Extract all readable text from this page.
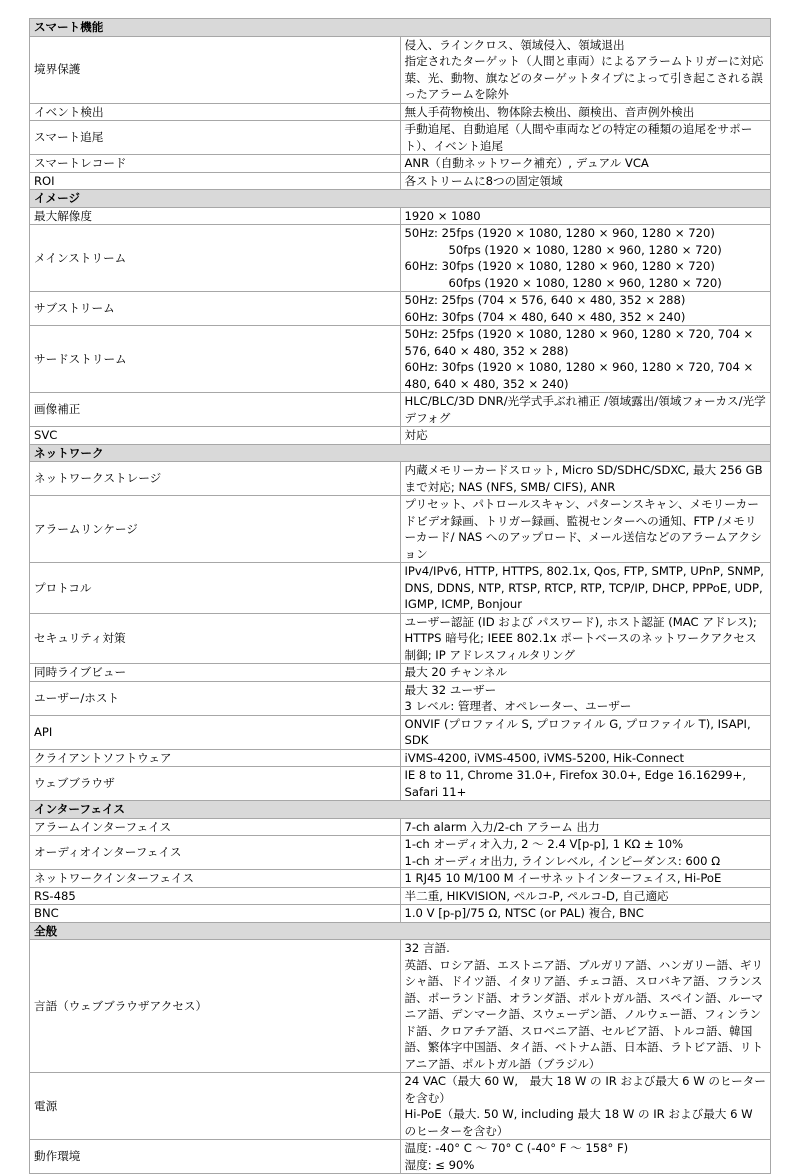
スマート機能	
境界保護	侵入、ラインクロス、領域侵入、領域退出
指定されたターゲット（人間と車両）によるアラームトリガーに対応
葉、光、動物、旗などのターゲットタイプによって引き起こされる誤ったアラームを除外

イベント検出	無人手荷物検出、物体除去検出、顔検出、音声例外検出

スマート追尾	手動追尾、自動追尾（人間や車両などの特定の種類の追尾をサポート）、イベント追尾

スマートレコード	ANR（自動ネットワーク補充）, デュアル VCA

ROI	各ストリームに8つの固定領域

イメージ	
最大解像度	1920 × 1080

メインストリーム	50Hz: 25fps (1920 × 1080, 1280 × 960, 1280 × 720)
50fps (1920 × 1080, 1280 × 960, 1280 × 720)
60Hz: 30fps (1920 × 1080, 1280 × 960, 1280 × 720)
60fps (1920 × 1080, 1280 × 960, 1280 × 720)

サブストリーム	50Hz: 25fps (704 × 576, 640 × 480, 352 × 288)
60Hz: 30fps (704 × 480, 640 × 480, 352 × 240)

サードストリーム	50Hz: 25fps (1920 × 1080, 1280 × 960, 1280 × 720, 704 × 576, 640 × 480, 352 × 288)
60Hz: 30fps (1920 × 1080, 1280 × 960, 1280 × 720, 704 × 480, 640 × 480, 352 × 240)

画像補正	HLC/BLC/3D DNR/光学式手ぶれ補正 /領域露出/領域フォーカス/光学デフォグ

SVC	対応

ネットワーク	
ネットワークストレージ	内蔵メモリーカードスロット, Micro SD/SDHC/SDXC, 最大 256 GB まで対応; NAS (NFS, SMB/ CIFS), ANR

アラームリンケージ	プリセット、パトロールスキャン、パターンスキャン、メモリーカードビデオ録画、トリガー録画、監視センターへの通知、FTP /メモリーカード/ NAS へのアップロード、メール送信などのアラームアクション

プロトコル	IPv4/IPv6, HTTP, HTTPS, 802.1x, Qos, FTP, SMTP, UPnP, SNMP, DNS, DDNS, NTP, RTSP, RTCP, RTP, TCP/IP, DHCP, PPPoE, UDP, IGMP, ICMP, Bonjour

セキュリティ対策	ユーザー認証 (ID および パスワード), ホスト認証 (MAC アドレス); HTTPS 暗号化; IEEE 802.1x ポートベースのネットワークアクセス制御; IP アドレスフィルタリング

同時ライブビュー	最大 20 チャンネル

ユーザー/ホスト	最大 32 ユーザー
3 レベル: 管理者、オペレーター、ユーザー

API	ONVIF (プロファイル S, プロファイル G, プロファイル T), ISAPI, SDK

クライアントソフトウェア	iVMS-4200, iVMS-4500, iVMS-5200, Hik-Connect

ウェブブラウザ	IE 8 to 11, Chrome 31.0+, Firefox 30.0+, Edge 16.16299+, Safari 11+

インターフェイス	
アラームインターフェイス	7-ch alarm 入力/2-ch アラーム 出力

オーディオインターフェイス	1-ch オーディオ入力, 2 ～ 2.4 V[p-p], 1 KΩ ± 10%
1-ch オーディオ出力, ラインレベル, インピーダンス: 600 Ω

ネットワークインターフェイス	1 RJ45 10 M/100 M イーサネットインターフェイス, Hi-PoE

RS-485	半二重, HIKVISION, ペルコ-P, ペルコ-D, 自己適応

BNC	1.0 V [p-p]/75 Ω, NTSC (or PAL) 複合, BNC

全般	
言語（ウェブブラウザアクセス）	32 言語.
英語、ロシア語、エストニア語、ブルガリア語、ハンガリー語、ギリシャ語、ドイツ語、イタリア語、チェコ語、スロバキア語、フランス語、ポーランド語、オランダ語、ポルトガル語、スペイン語、ルーマニア語、デンマーク語、スウェーデン語、ノルウェー語、フィンランド語、クロアチア語、スロベニア語、セルビア語、トルコ語、韓国語、繁体字中国語、タイ語、ベトナム語、日本語、ラトビア語、リトアニア語、ポルトガル語（ブラジル）

電源	24 VAC（最大 60 W,　最大 18 W の IR および最大 6 W のヒーターを含む）
Hi-PoE（最大. 50 W, including 最大 18 W の IR および最大 6 W のヒーターを含む）

動作環境	温度: -40° C ～ 70° C (-40° F ～ 158° F)
湿度: ≤ 90%
